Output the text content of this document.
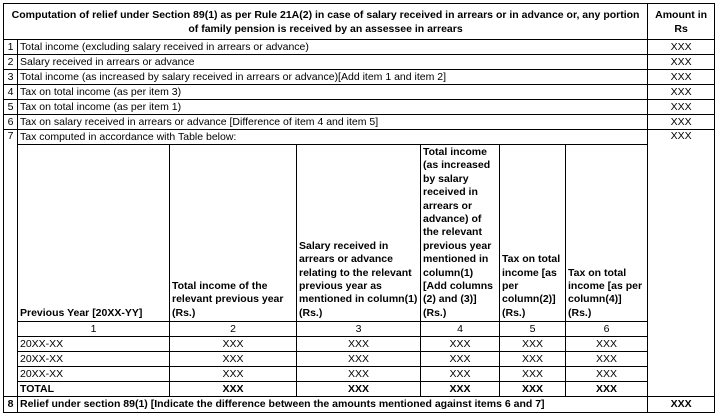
Computation of relief under Section 89(1) as per Rule 21A(2) in case of salary received in arrears or in advance or, any portion of family pension is received by an assessee in arrears							Amount in Rs	
1	Total income (excluding salary received in arrears or advance)						XXX	
2	Salary received in arrears or advance						XXX	
3	Total income (as increased by salary received in arrears or advance)[Add item 1 and item 2]						XXX	
4	Tax on total income (as per item 3)						XXX	
5	Tax on total income (as per item 1)						XXX	
6	Tax on salary received in arrears or advance [Difference of item 4 and item 5]						XXX	
7	Tax computed in accordance with Table below:						XXX	
	Previous Year [20XX-YY]	Total income of the relevant previous year (Rs.)	Salary received in arrears or advance relating to the relevant previous year as mentioned in column(1) (Rs.)	Total income (as increased by salary received in arrears or advance) of the relevant previous year mentioned in column(1) [Add columns (2) and (3)] (Rs.)	Tax on total income [as per column(2)] (Rs.)	Tax on total income [as per column(4)] (Rs.)	
	1	2	3	4	5	6	
	20XX-XX	XXX	XXX	XXX	XXX	XXX	
	20XX-XX	XXX	XXX	XXX	XXX	XXX	
	20XX-XX	XXX	XXX	XXX	XXX	XXX	
	TOTAL	XXX	XXX	XXX	XXX	XXX	
8	Relief under section 89(1) [Indicate the difference between the amounts mentioned against items 6 and 7]						XXX	
